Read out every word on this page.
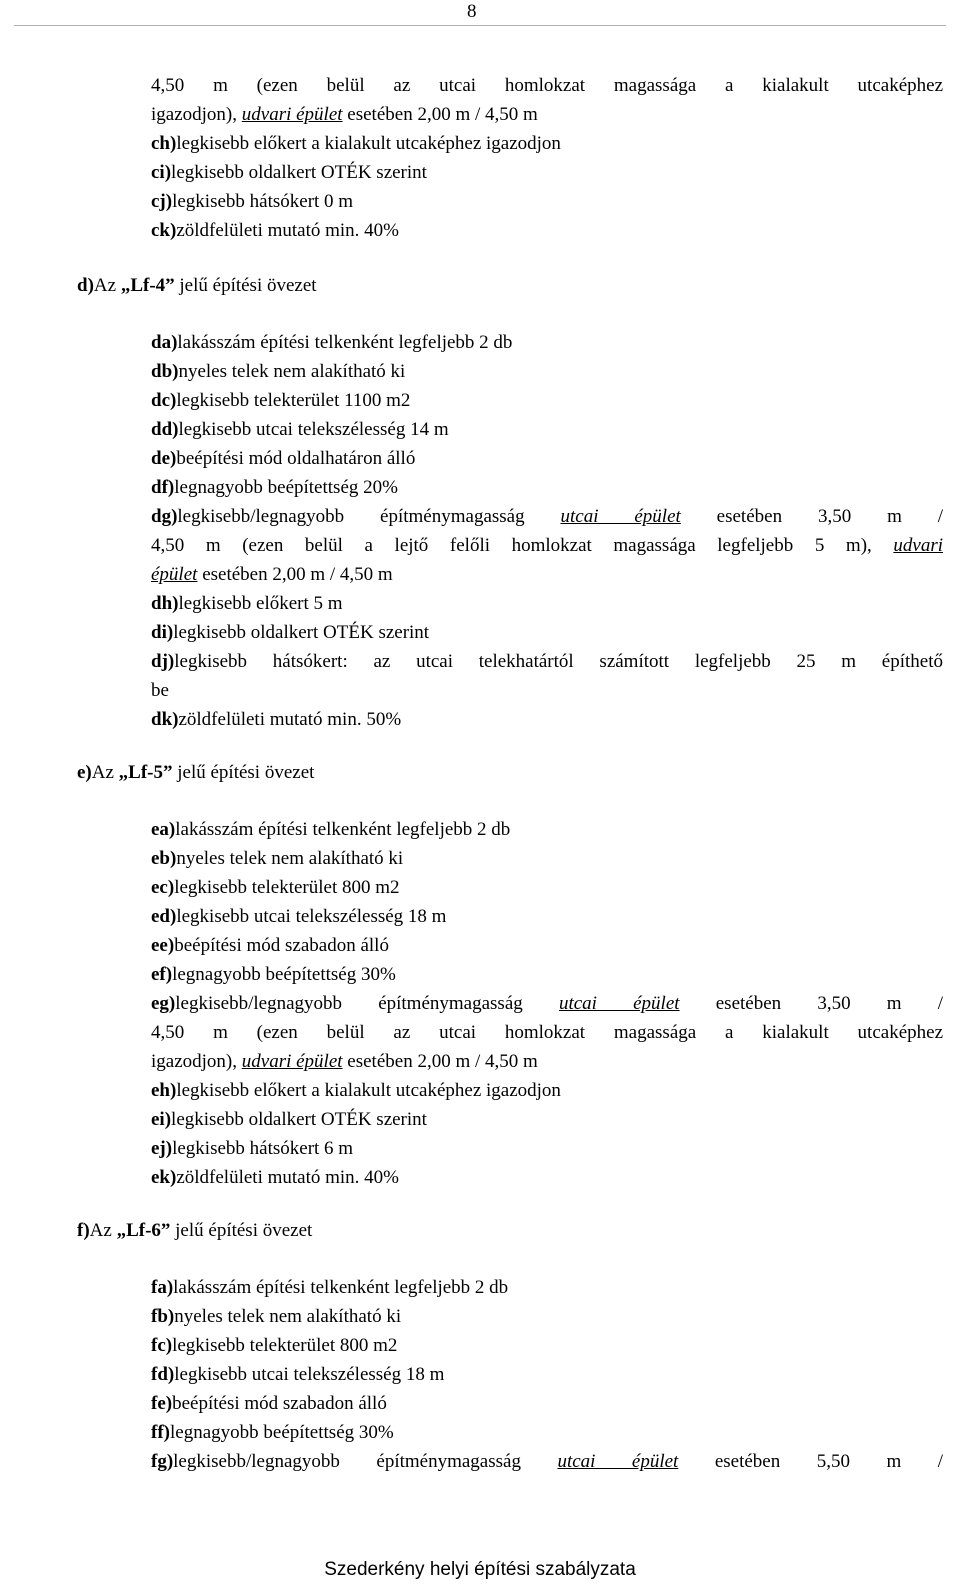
8
4,50 m (ezen belül az utcai homlokzat magassága a kialakult utcaképhez
igazodjon), udvari épület esetében 2,00 m / 4,50 m
ch)legkisebb előkert a kialakult utcaképhez igazodjon
ci)legkisebb oldalkert OTÉK szerint
cj)legkisebb hátsókert 0 m
ck)zöldfelületi mutató min. 40%
d)Az „Lf-4” jelű építési övezet
da)lakásszám építési telkenként legfeljebb 2 db
db)nyeles telek nem alakítható ki
dc)legkisebb telekterület 1100 m2
dd)legkisebb utcai telekszélesség 14 m
de)beépítési mód oldalhatáron álló
df)legnagyobb beépítettség 20%
dg)legkisebb/legnagyobb építménymagasság utcai épület esetében 3,50 m /
4,50 m (ezen belül a lejtő felőli homlokzat magassága legfeljebb 5 m), udvari
épület esetében 2,00 m / 4,50 m
dh)legkisebb előkert 5 m
di)legkisebb oldalkert OTÉK szerint
dj)legkisebb hátsókert: az utcai telekhatártól számított legfeljebb 25 m építhető
be
dk)zöldfelületi mutató min. 50%
e)Az „Lf-5” jelű építési övezet
ea)lakásszám építési telkenként legfeljebb 2 db
eb)nyeles telek nem alakítható ki
ec)legkisebb telekterület 800 m2
ed)legkisebb utcai telekszélesség 18 m
ee)beépítési mód szabadon álló
ef)legnagyobb beépítettség 30%
eg)legkisebb/legnagyobb építménymagasság utcai épület esetében 3,50 m /
4,50 m (ezen belül az utcai homlokzat magassága a kialakult utcaképhez
igazodjon), udvari épület esetében 2,00 m / 4,50 m
eh)legkisebb előkert a kialakult utcaképhez igazodjon
ei)legkisebb oldalkert OTÉK szerint
ej)legkisebb hátsókert 6 m
ek)zöldfelületi mutató min. 40%
f)Az „Lf-6” jelű építési övezet
fa)lakásszám építési telkenként legfeljebb 2 db
fb)nyeles telek nem alakítható ki
fc)legkisebb telekterület 800 m2
fd)legkisebb utcai telekszélesség 18 m
fe)beépítési mód szabadon álló
ff)legnagyobb beépítettség 30%
fg)legkisebb/legnagyobb építménymagasság utcai épület esetében 5,50 m /
Szederkény helyi építési szabályzata
